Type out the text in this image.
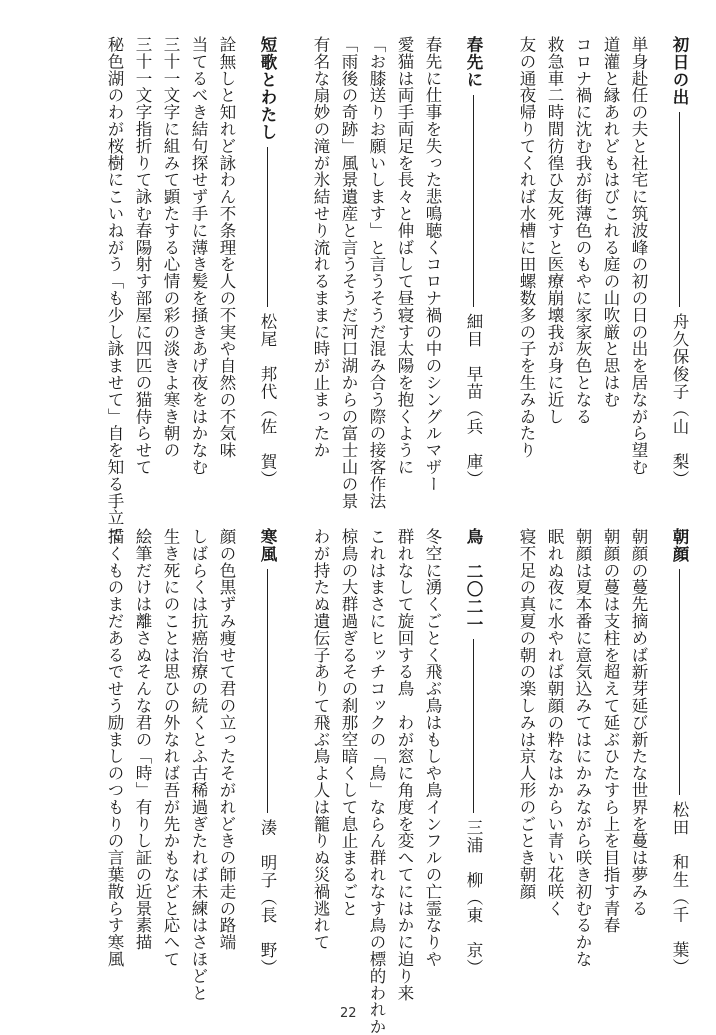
初日の出
舟久保俊子（山　梨）
単身赴任の夫と社宅に筑波峰の初の日の出を居ながら望む
道灌と縁あれどもはびこれる庭の山吹厳と思はむ
コロナ禍に沈む我が街薄色のもやに家家灰色となる
救急車二時間彷徨ひ友死すと医療崩壊我が身に近し
友の通夜帰りてくれば水槽に田螺数多の子を生みゐたり
春先に
細目　早苗（兵　庫）
春先に仕事を失った悲鳴聴くコロナ禍の中のシングルマザー
愛猫は両手両足を長々と伸ばして昼寝す太陽を抱くように
「お膝送りお願いします」と言うそうだ混み合う際の接客作法
「雨後の奇跡」風景遺産と言うそうだ河口湖からの富士山の景
有名な扇妙の滝が氷結せり流れるままに時が止まったか
短歌とわたし
松尾　邦代（佐　賀）
詮無しと知れど詠わん不条理を人の不実や自然の不気味
当てるべき結句探せず手に薄き髪を掻きあげ夜をはかなむ
三十一文字に組みて顕たする心情の彩の淡きよ寒き朝の
三十一文字指折りて詠む春陽射す部屋に四匹の猫侍らせて
秘色湖のわが桜樹にこいねがう「も少し詠ませて」自を知る手立て
朝顔
松田　和生（千　葉）
朝顔の蔓先摘めば新芽延び新たな世界を蔓は夢みる
朝顔の蔓は支柱を超えて延ぶひたすら上を目指す青春
朝顔は夏本番に意気込みてはにかみながら咲き初むるかな
眠れぬ夜に水やれば朝顔の粋なはからい青い花咲く
寝不足の真夏の朝の楽しみは京人形のごとき朝顔
鳥　二〇二一
三浦　柳（東　京）
冬空に湧くごとく飛ぶ鳥はもしや鳥インフルの亡霊なりや
群れなして旋回する鳥　わが窓に角度を変へてにはかに迫り来
これはまさにヒッチコックの「鳥」ならん群れなす鳥の標的われか
椋鳥の大群過ぎるその刹那空暗くして息止まるごと
わが持たぬ遺伝子ありて飛ぶ鳥よ人は籠りぬ災禍逃れて
寒風
湊　明子（長　野）
顔の色黒ずみ痩せて君の立ったそがれどきの師走の路端
しばらくは抗癌治療の続くとふ古稀過ぎたれば未練はさほどと
生き死にのことは思ひの外なれば吾が先かもなどと応へて
絵筆だけは離さぬそんな君の「時」有りし証の近景素描
描くものまだあるでせう励ましのつもりの言葉散らす寒風
22
